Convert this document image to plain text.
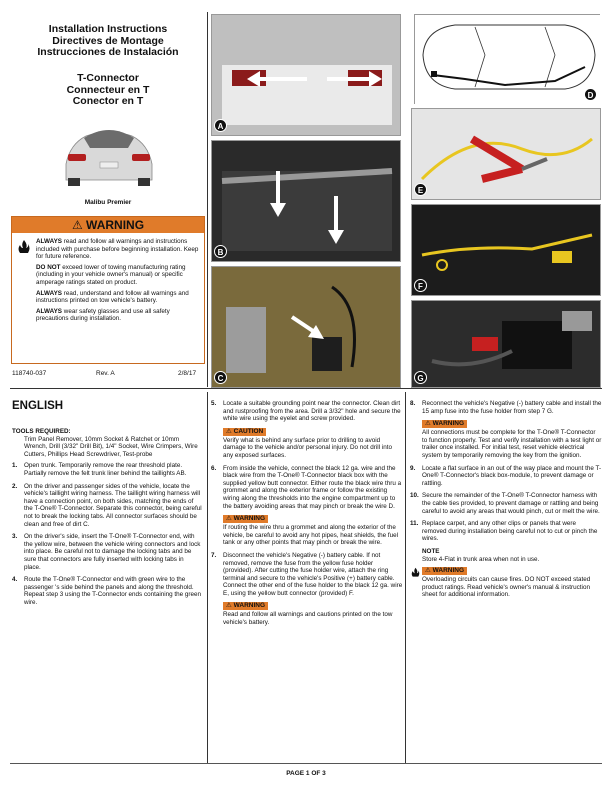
Installation Instructions
Directives de Montage
Instrucciones de Instalación
T-Connector
Connecteur en T
Conector en T
Malibu Premier
⚠ WARNING

ALWAYS read and follow all warnings and instructions included with purchase before beginning installation. Keep for future reference.

DO NOT exceed lower of towing manufacturing rating (including in your vehicle owner's manual) or specific amperage ratings stated on product.

ALWAYS read, understand and follow all warnings and instructions printed on tow vehicle's battery.

ALWAYS wear safety glasses and use all safety precautions during installation.

118740-037	Rev. A	2/8/17
A
B
C
D
E
F
G
ENGLISH

TOOLS REQUIRED:

Trim Panel Remover, 10mm Socket & Ratchet or 10mm Wrench, Drill (3/32" Drill Bit), 1/4" Socket, Wire Crimpers, Wire Cutters, Phillips Head Screwdriver, Test-probe

1. Open trunk. Temporarily remove the rear threshold plate. Partially remove the felt trunk liner behind the taillights AB.
2. On the driver and passenger sides of the vehicle, locate the vehicle's taillight wiring harness. The taillight wiring harness will have a connection point, on both sides, matching the ends of the T-One® T-Connector. Separate this connector, being careful not to break the locking tabs. All connector surfaces should be clean and free of dirt C.
3. On the driver's side, insert the T-One® T-Connector end, with the yellow wire, between the vehicle wiring connectors and lock into place. Be careful not to damage the locking tabs and be sure that connectors are fully inserted with locking tabs in place.
4. Route the T-One® T-Connector end with green wire to the passenger 's side behind the panels and along the threshold. Repeat step 3 using the T-Connector ends containing the green wire.
5. Locate a suitable grounding point near the connector. Clean dirt and rustproofing from the area. Drill a 3/32" hole and secure the white wire using the eyelet and screw provided.
⚠ CAUTION
Verify what is behind any surface prior to drilling to avoid damage to the vehicle and/or personal injury. Do not drill into any exposed surfaces.
6. From inside the vehicle, connect the black 12 ga. wire and the black wire from the T-One® T-Connector black box with the supplied yellow butt connector. Either route the black wire thru a grommet and along the exterior frame or follow the existing wiring along the thresholds into the engine compartment up to the battery avoiding areas that may pinch or break the wire D.
⚠ WARNING
If routing the wire thru a grommet and along the exterior of the vehicle, be careful to avoid any hot pipes, heat shields, the fuel tank or any other points that may pinch or break the wire.
7. Disconnect the vehicle's Negative (-) battery cable. If not removed, remove the fuse from the yellow fuse holder (provided). After cutting the fuse holder wire, attach the ring terminal and secure to the vehicle's Positive (+) battery cable. Connect the other end of the fuse holder to the black 12 ga. wire E, using the yellow butt connector (provided) F.
⚠ WARNING
Read and follow all warnings and cautions printed on the tow vehicle's battery.
8. Reconnect the vehicle's Negative (-) battery cable and install the 15 amp fuse into the fuse holder from step 7 G.
⚠ WARNING
All connections must be complete for the T-One® T-Connector to function properly. Test and verify installation with a test light or trailer once installed. For initial test, reset vehicle electrical system by temporarily removing the key from the ignition.
9. Locate a flat surface in an out of the way place and mount the T-One® T-Connector's black box-module, to prevent damage or rattling.
10. Secure the remainder of the T-One® T-Connector harness with the cable ties provided, to prevent damage or rattling and being careful to avoid any areas that would pinch, cut or melt the wire.
11. Replace carpet, and any other clips or panels that were removed during installation being careful not to cut or pinch the wires.
NOTE
Store 4-Flat in trunk area when not in use.
⚠ WARNING
Overloading circuits can cause fires. DO NOT exceed stated product ratings. Read vehicle's owner's manual & instruction sheet for additional information.
PAGE 1 OF 3
